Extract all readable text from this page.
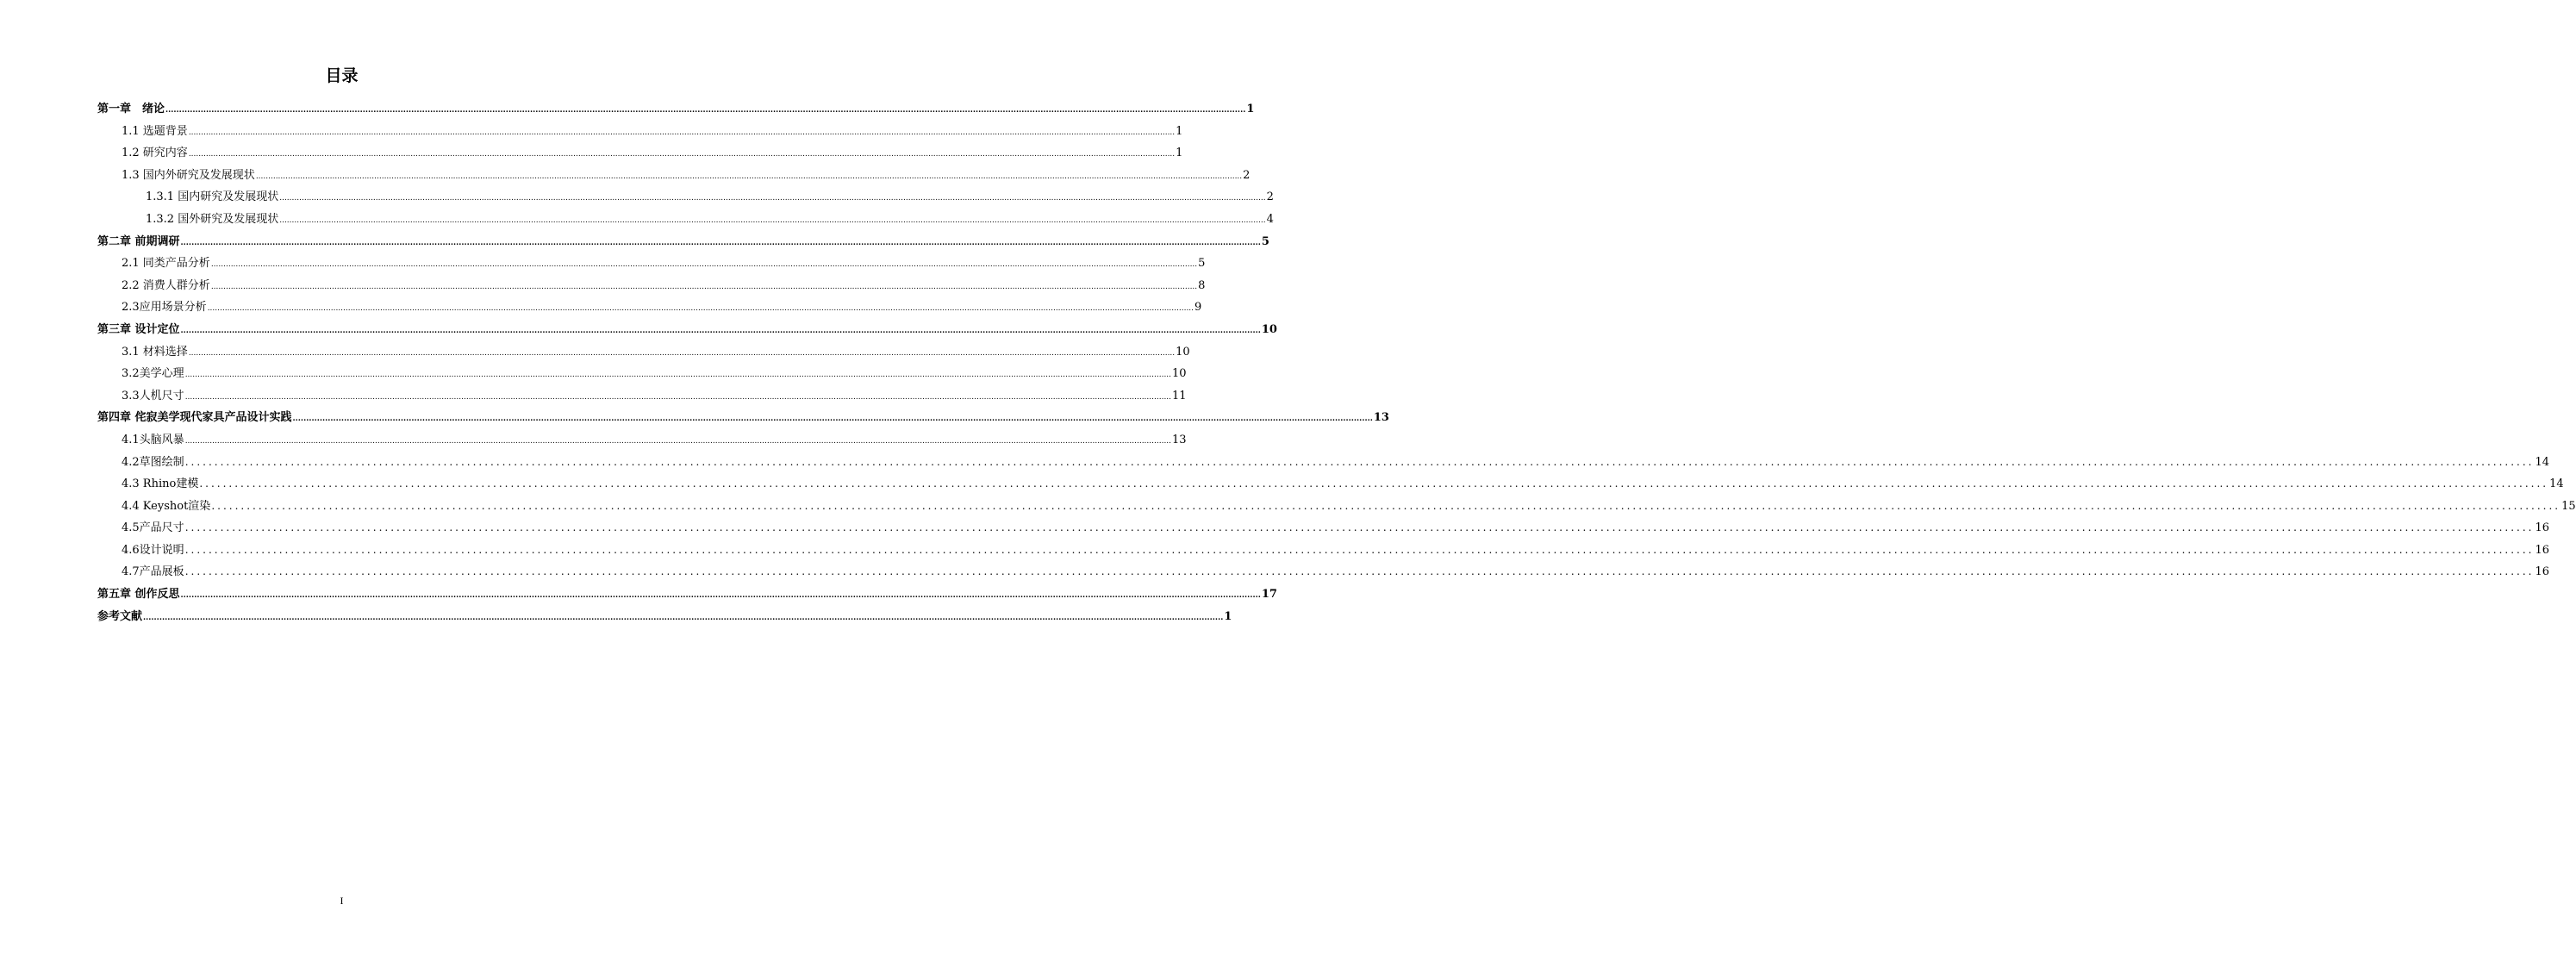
目录
第一章　绪论 ................................................................................................................................................................................................................................................................................................................................................................................................................ 1
1.1 选题背景 ................................................................................................................................................................................................................................................................................................................................................................................................................ 1
1.2 研究内容 ................................................................................................................................................................................................................................................................................................................................................................................................................ 1
1.3 国内外研究及发展现状 ................................................................................................................................................................................................................................................................................................................................................................................................................ 2
1.3.1 国内研究及发展现状 ................................................................................................................................................................................................................................................................................................................................................................................................................ 2
1.3.2 国外研究及发展现状 ................................................................................................................................................................................................................................................................................................................................................................................................................ 4
第二章 前期调研 ................................................................................................................................................................................................................................................................................................................................................................................................................ 5
2.1 同类产品分析 ................................................................................................................................................................................................................................................................................................................................................................................................................ 5
2.2 消费人群分析 ................................................................................................................................................................................................................................................................................................................................................................................................................ 8
2.3应用场景分析 ................................................................................................................................................................................................................................................................................................................................................................................................................ 9
第三章 设计定位 ................................................................................................................................................................................................................................................................................................................................................................................................................ 10
3.1 材料选择 ................................................................................................................................................................................................................................................................................................................................................................................................................ 10
3.2美学心理 ................................................................................................................................................................................................................................................................................................................................................................................................................ 10
3.3人机尺寸 ................................................................................................................................................................................................................................................................................................................................................................................................................ 11
第四章 侘寂美学现代家具产品设计实践 ................................................................................................................................................................................................................................................................................................................................................................................................................ 13
4.1头脑风暴 ................................................................................................................................................................................................................................................................................................................................................................................................................ 13
4.2草图绘制 ................................................................................................................................................................................................................................................................................................................................................................................................................ 14
4.3 Rhino建模 ................................................................................................................................................................................................................................................................................................................................................................................................................ 14
4.4 Keyshot渲染 ................................................................................................................................................................................................................................................................................................................................................................................................................ 15
4.5产品尺寸 ................................................................................................................................................................................................................................................................................................................................................................................................................ 16
4.6设计说明 ................................................................................................................................................................................................................................................................................................................................................................................................................ 16
4.7产品展板 ................................................................................................................................................................................................................................................................................................................................................................................................................ 16
第五章 创作反思 ................................................................................................................................................................................................................................................................................................................................................................................................................ 17
参考文献 ................................................................................................................................................................................................................................................................................................................................................................................................................ 1
I
